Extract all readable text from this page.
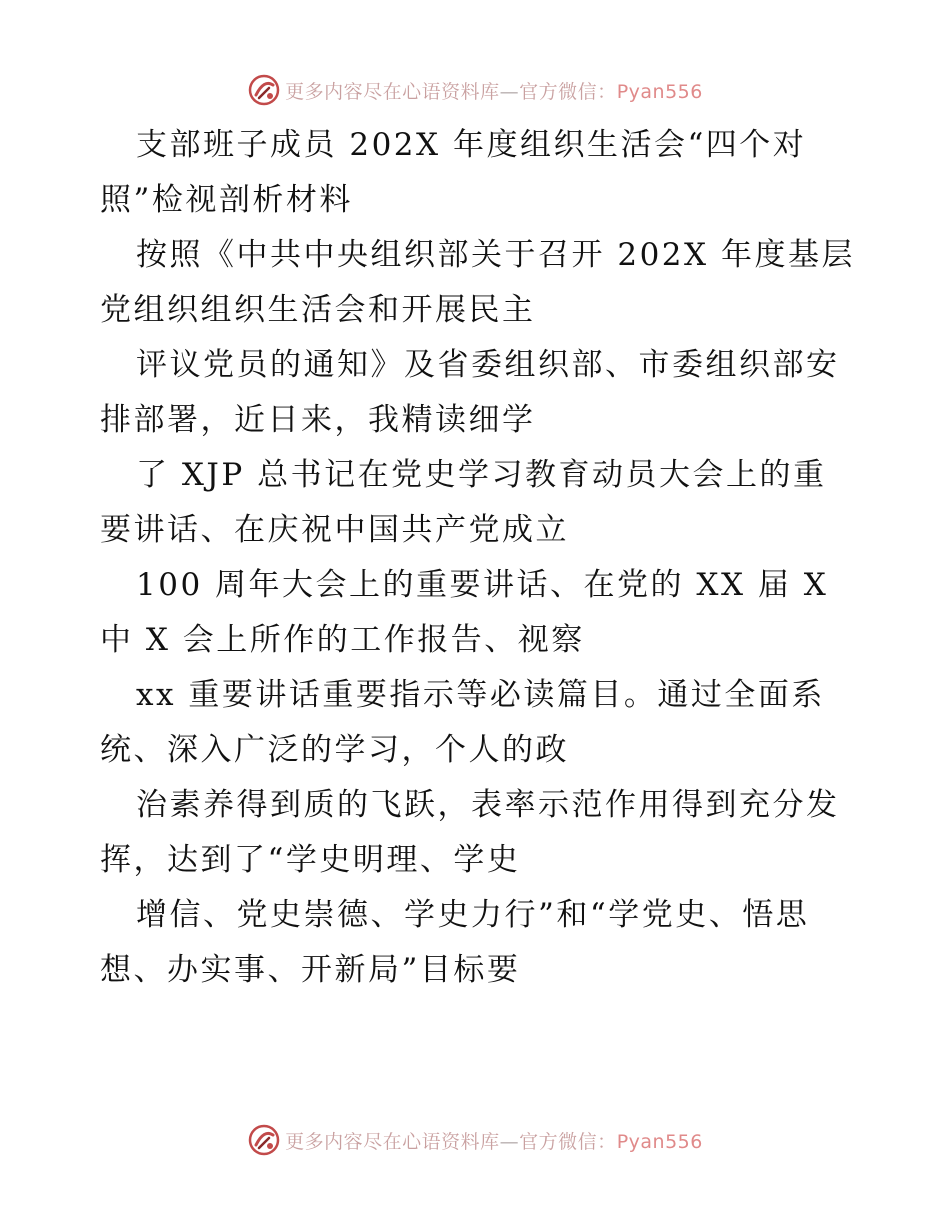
更多内容尽在心语资料库—官方微信：Pyan556
支部班子成员 202X 年度组织生活会“四个对
照”检视剖析材料
按照《中共中央组织部关于召开 202X 年度基层
党组织组织生活会和开展民主
评议党员的通知》及省委组织部、市委组织部安
排部署，近日来，我精读细学
了 XJP 总书记在党史学习教育动员大会上的重
要讲话、在庆祝中国共产党成立
100 周年大会上的重要讲话、在党的 XX 届 X
中 X 会上所作的工作报告、视察
xx 重要讲话重要指示等必读篇目。通过全面系
统、深入广泛的学习，个人的政
治素养得到质的飞跃，表率示范作用得到充分发
挥，达到了“学史明理、学史
增信、党史崇德、学史力行”和“学党史、悟思
想、办实事、开新局”目标要
更多内容尽在心语资料库—官方微信：Pyan556
